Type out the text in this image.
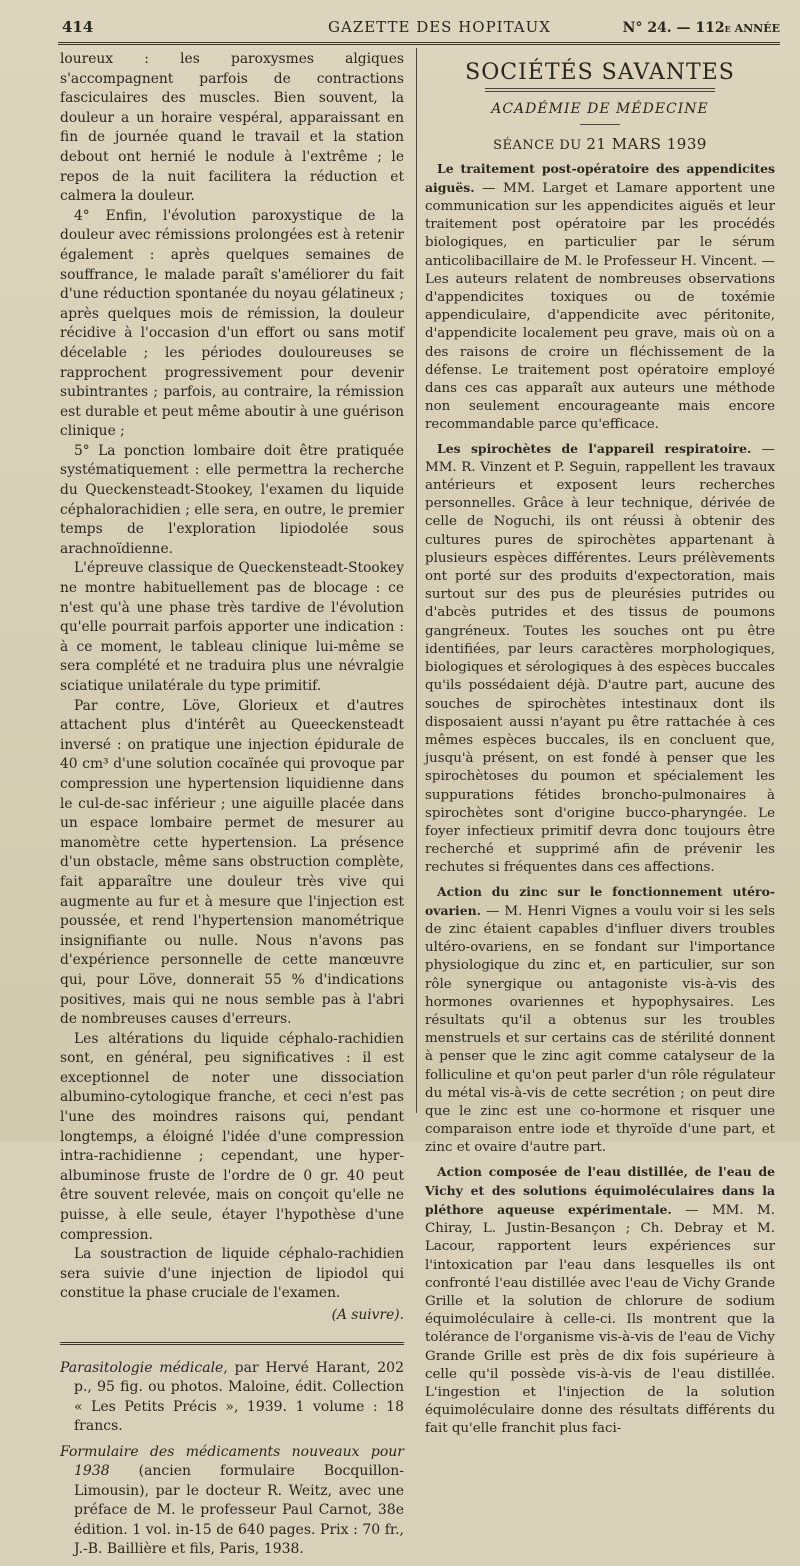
414	GAZETTE DES HOPITAUX	N° 24. — 112e ANNÉE

loureux : les paroxysmes algiques s'accompagnent parfois de contractions fasciculaires des muscles. Bien souvent, la douleur a un horaire vespéral, apparaissant en fin de journée quand le travail et la station debout ont hernié le nodule à l'extrême ; le repos de la nuit facilitera la réduction et calmera la douleur.

4° Enfin, l'évolution paroxystique de la douleur avec rémissions prolongées est à retenir également : après quelques semaines de souffrance, le malade paraît s'améliorer du fait d'une réduction spontanée du noyau gélatineux ; après quelques mois de rémission, la douleur récidive à l'occasion d'un effort ou sans motif décelable ; les périodes douloureuses se rapprochent progressivement pour devenir subintrantes ; parfois, au contraire, la rémission est durable et peut même aboutir à une guérison clinique ;

5° La ponction lombaire doit être pratiquée systématiquement : elle permettra la recherche du Queckensteadt-Stookey, l'examen du liquide céphalorachidien ; elle sera, en outre, le premier temps de l'exploration lipiodolée sous arachnoïdienne.

L'épreuve classique de Queckensteadt-Stookey ne montre habituellement pas de blocage : ce n'est qu'à une phase très tardive de l'évolution qu'elle pourrait parfois apporter une indication : à ce moment, le tableau clinique lui-même se sera complété et ne traduira plus une névralgie sciatique unilatérale du type primitif.

Par contre, Löve, Glorieux et d'autres attachent plus d'intérêt au Queeckensteadt inversé : on pratique une injection épidurale de 40 cm³ d'une solution cocaïnée qui provoque par compression une hypertension liquidienne dans le cul-de-sac inférieur ; une aiguille placée dans un espace lombaire permet de mesurer au manomètre cette hypertension. La présence d'un obstacle, même sans obstruction complète, fait apparaître une douleur très vive qui augmente au fur et à mesure que l'injection est poussée, et rend l'hypertension manométrique insignifiante ou nulle. Nous n'avons pas d'expérience personnelle de cette manœuvre qui, pour Löve, donnerait 55 % d'indications positives, mais qui ne nous semble pas à l'abri de nombreuses causes d'erreurs.

Les altérations du liquide céphalo-rachidien sont, en général, peu significatives : il est exceptionnel de noter une dissociation albumino-cytologique franche, et ceci n'est pas l'une des moindres raisons qui, pendant longtemps, a éloigné l'idée d'une compression intra-rachidienne ; cependant, une hyper-albuminose fruste de l'ordre de 0 gr. 40 peut être souvent relevée, mais on conçoit qu'elle ne puisse, à elle seule, étayer l'hypothèse d'une compression.

La soustraction de liquide céphalo-rachidien sera suivie d'une injection de lipiodol qui constitue la phase cruciale de l'examen.

(A suivre).

Parasitologie médicale, par Hervé Harant, 202 p., 95 fig. ou photos. Maloine, édit. Collection « Les Petits Précis », 1939. 1 volume : 18 francs.

Formulaire des médicaments nouveaux pour 1938 (ancien formulaire Bocquillon-Limousin), par le docteur R. Weitz, avec une préface de M. le professeur Paul Carnot, 38e édition. 1 vol. in-15 de 640 pages. Prix : 70 fr., J.-B. Baillière et fils, Paris, 1938.

SOCIÉTÉS SAVANTES
ACADÉMIE DE MÉDECINE
SÉANCE DU 21 MARS 1939

Le traitement post-opératoire des appendicites aiguës. — MM. Larget et Lamare apportent une communication sur les appendicites aiguës et leur traitement post opératoire par les procédés biologiques, en particulier par le sérum anticolibacillaire de M. le Professeur H. Vincent. — Les auteurs relatent de nombreuses observations d'appendicites toxiques ou de toxémie appendiculaire, d'appendicite avec péritonite, d'appendicite localement peu grave, mais où on a des raisons de croire un fléchissement de la défense. Le traitement post opératoire employé dans ces cas apparaît aux auteurs une méthode non seulement encourageante mais encore recommandable parce qu'efficace.

Les spirochètes de l'appareil respiratoire. — MM. R. Vinzent et P. Seguin, rappellent les travaux antérieurs et exposent leurs recherches personnelles. Grâce à leur technique, dérivée de celle de Noguchi, ils ont réussi à obtenir des cultures pures de spirochètes appartenant à plusieurs espèces différentes. Leurs prélèvements ont porté sur des produits d'expectoration, mais surtout sur des pus de pleurésies putrides ou d'abcès putrides et des tissus de poumons gangréneux. Toutes les souches ont pu être identifiées, par leurs caractères morphologiques, biologiques et sérologiques à des espèces buccales qu'ils possédaient déjà. D'autre part, aucune des souches de spirochètes intestinaux dont ils disposaient aussi n'ayant pu être rattachée à ces mêmes espèces buccales, ils en concluent que, jusqu'à présent, on est fondé à penser que les spirochètoses du poumon et spécialement les suppurations fétides broncho-pulmonaires à spirochètes sont d'origine bucco-pharyngée. Le foyer infectieux primitif devra donc toujours être recherché et supprimé afin de prévenir les rechutes si fréquentes dans ces affections.

Action du zinc sur le fonctionnement utéro-ovarien. — M. Henri Vignes a voulu voir si les sels de zinc étaient capables d'influer divers troubles ultéro-ovariens, en se fondant sur l'importance physiologique du zinc et, en particulier, sur son rôle synergique ou antagoniste vis-à-vis des hormones ovariennes et hypophysaires. Les résultats qu'il a obtenus sur les troubles menstruels et sur certains cas de stérilité donnent à penser que le zinc agit comme catalyseur de la folliculine et qu'on peut parler d'un rôle régulateur du métal vis-à-vis de cette secrétion ; on peut dire que le zinc est une co-hormone et risquer une comparaison entre iode et thyroïde d'une part, et zinc et ovaire d'autre part.

Action composée de l'eau distillée, de l'eau de Vichy et des solutions équimoléculaires dans la pléthore aqueuse expérimentale. — MM. M. Chiray, L. Justin-Besançon ; Ch. Debray et M. Lacour, rapportent leurs expériences sur l'intoxication par l'eau dans lesquelles ils ont confronté l'eau distillée avec l'eau de Vichy Grande Grille et la solution de chlorure de sodium équimoléculaire à celle-ci. Ils montrent que la tolérance de l'organisme vis-à-vis de l'eau de Vichy Grande Grille est près de dix fois supérieure à celle qu'il possède vis-à-vis de l'eau distillée. L'ingestion et l'injection de la solution équimoléculaire donne des résultats différents du fait qu'elle franchit plus faci-
